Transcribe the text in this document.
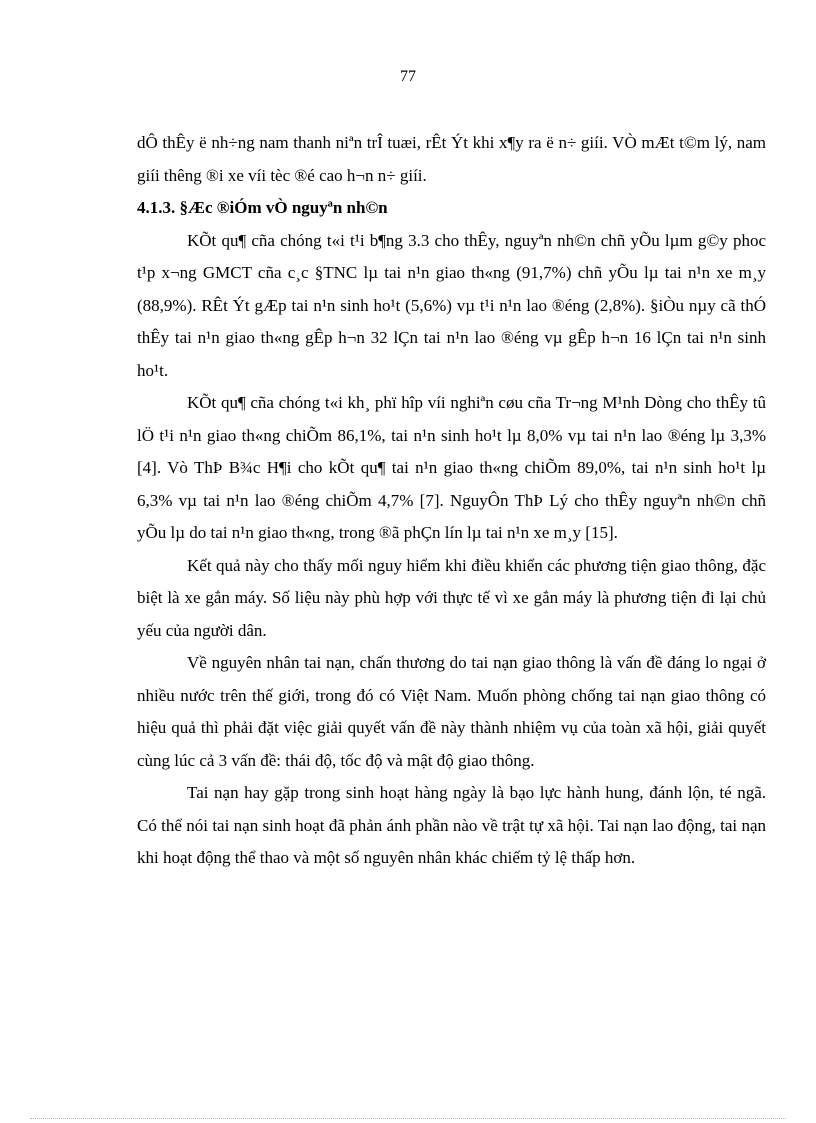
77

dÔ thÊy ë nh÷ng nam thanh niªn trÎ tuæi, rÊt Ýt khi x¶y ra ë n÷ giíi. VÒ mÆt t©m lý, nam giíi thêng ®i xe víi tèc ®é cao h¬n n÷ giíi.

4.1.3. §Æc ®iÓm vÒ nguyªn nh©n

KÕt qu¶ cña chóng t«i t¹i b¶ng 3.3 cho thÊy, nguyªn nh©n chñ yÕu lµm g©y phoc t¹p x¬ng GMCT cña c¸c §TNC lµ tai n¹n giao th«ng (91,7%) chñ yÕu lµ tai n¹n xe m¸y (88,9%). RÊt Ýt gÆp tai n¹n sinh ho¹t (5,6%) vµ t¹i n¹n lao ®éng (2,8%). §iÒu nµy cã thÓ thÊy tai n¹n giao th«ng gÊp h¬n 32 lÇn tai n¹n lao ®éng vµ gÊp h¬n 16 lÇn tai n¹n sinh ho¹t.

KÕt qu¶ cña chóng t«i kh¸ phï hîp víi nghiªn cøu cña Tr¬ng M¹nh Dòng cho thÊy tû lÖ t¹i n¹n giao th«ng chiÕm 86,1%, tai n¹n sinh ho¹t lµ 8,0% vµ tai n¹n lao ®éng lµ 3,3% [4]. Vò ThÞ B¾c H¶i cho kÕt qu¶ tai n¹n giao th«ng chiÕm 89,0%, tai n¹n sinh ho¹t lµ 6,3% vµ tai n¹n lao ®éng chiÕm 4,7% [7]. NguyÔn ThÞ Lý cho thÊy nguyªn nh©n chñ yÕu lµ do tai n¹n giao th«ng, trong ®ã phÇn lín lµ tai n¹n xe m¸y [15].

Kết quả này cho thấy mối nguy hiểm khi điều khiển các phương tiện giao thông, đặc biệt là xe gắn máy. Số liệu này phù hợp với thực tế vì xe gắn máy là phương tiện đi lại chủ yếu của người dân.

Về nguyên nhân tai nạn, chấn thương do tai nạn giao thông là vấn đề đáng lo ngại ở nhiều nước trên thế giới, trong đó có Việt Nam. Muốn phòng chống tai nạn giao thông có hiệu quả thì phải đặt việc giải quyết vấn đề này thành nhiệm vụ của toàn xã hội, giải quyết cùng lúc cả 3 vấn đề: thái độ, tốc độ và mật độ giao thông.

Tai nạn hay gặp trong sinh hoạt hàng ngày là bạo lực hành hung, đánh lộn, té ngã. Có thể nói tai nạn sinh hoạt đã phản ánh phần nào về trật tự xã hội. Tai nạn lao động, tai nạn khi hoạt động thể thao và một số nguyên nhân khác chiếm tỷ lệ thấp hơn.
